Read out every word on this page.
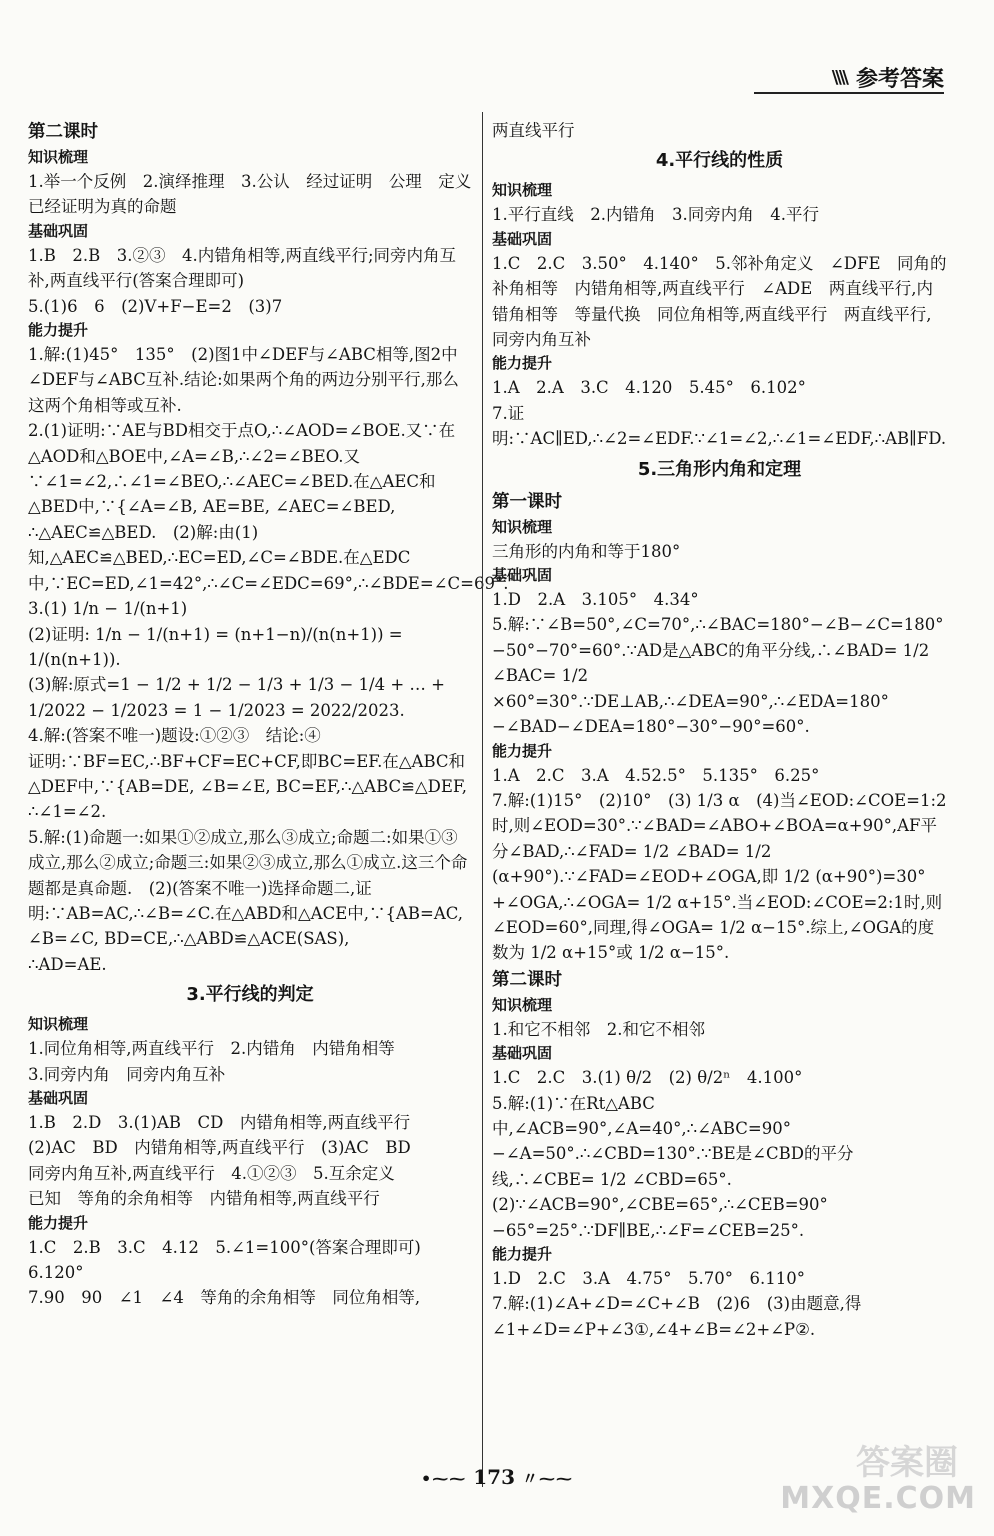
\\\\ 参考答案
第二课时
知识梳理

1.举一个反例　2.演绎推理　3.公认　经过证明　公理　定义　已经证明为真的命题

基础巩固

1.B　2.B　3.②③　4.内错角相等,两直线平行;同旁内角互补,两直线平行(答案合理即可)

5.(1)6　6　(2)V+F−E=2　(3)7

能力提升

1.解:(1)45°　135°　(2)图1中∠DEF与∠ABC相等,图2中∠DEF与∠ABC互补.结论:如果两个角的两边分别平行,那么这两个角相等或互补.

2.(1)证明:∵AE与BD相交于点O,∴∠AOD=∠BOE.又∵在△AOD和△BOE中,∠A=∠B,∴∠2=∠BEO.又∵∠1=∠2,∴∠1=∠BEO,∴∠AEC=∠BED.在△AEC和△BED中,∵{∠A=∠B, AE=BE, ∠AEC=∠BED,

∴△AEC≌△BED.　(2)解:由(1)知,△AEC≌△BED,∴EC=ED,∠C=∠BDE.在△EDC中,∵EC=ED,∠1=42°,∴∠C=∠EDC=69°,∴∠BDE=∠C=69°.

3.(1) 1/n − 1/(n+1)

(2)证明: 1/n − 1/(n+1) = (n+1−n)/(n(n+1)) = 1/(n(n+1)).

(3)解:原式=1 − 1/2 + 1/2 − 1/3 + 1/3 − 1/4 + … + 1/2022 − 1/2023 = 1 − 1/2023 = 2022/2023.

4.解:(答案不唯一)题设:①②③　结论:④

证明:∵BF=EC,∴BF+CF=EC+CF,即BC=EF.在△ABC和△DEF中,∵{AB=DE, ∠B=∠E, BC=EF,∴△ABC≌△DEF,

∴∠1=∠2.

5.解:(1)命题一:如果①②成立,那么③成立;命题二:如果①③成立,那么②成立;命题三:如果②③成立,那么①成立.这三个命题都是真命题.　(2)(答案不唯一)选择命题二,证明:∵AB=AC,∴∠B=∠C.在△ABD和△ACE中,∵{AB=AC, ∠B=∠C, BD=CE,∴△ABD≌△ACE(SAS),

∴AD=AE.

3.平行线的判定
知识梳理

1.同位角相等,两直线平行　2.内错角　内错角相等

3.同旁内角　同旁内角互补

基础巩固

1.B　2.D　3.(1)AB　CD　内错角相等,两直线平行

(2)AC　BD　内错角相等,两直线平行　(3)AC　BD

同旁内角互补,两直线平行　4.①②③　5.互余定义

已知　等角的余角相等　内错角相等,两直线平行

能力提升

1.C　2.B　3.C　4.12　5.∠1=100°(答案合理即可)

6.120°

7.90　90　∠1　∠4　等角的余角相等　同位角相等,

两直线平行

4.平行线的性质
知识梳理

1.平行直线　2.内错角　3.同旁内角　4.平行

基础巩固

1.C　2.C　3.50°　4.140°　5.邻补角定义　∠DFE　同角的补角相等　内错角相等,两直线平行　∠ADE　两直线平行,内错角相等　等量代换　同位角相等,两直线平行　两直线平行,同旁内角互补

能力提升

1.A　2.A　3.C　4.120　5.45°　6.102°

7.证明:∵AC∥ED,∴∠2=∠EDF.∵∠1=∠2,∴∠1=∠EDF,∴AB∥FD.

5.三角形内角和定理
第一课时
知识梳理

三角形的内角和等于180°

基础巩固

1.D　2.A　3.105°　4.34°

5.解:∵∠B=50°,∠C=70°,∴∠BAC=180°−∠B−∠C=180°−50°−70°=60°.∵AD是△ABC的角平分线,∴∠BAD= 1/2 ∠BAC= 1/2 ×60°=30°.∵DE⊥AB,∴∠DEA=90°,∴∠EDA=180°−∠BAD−∠DEA=180°−30°−90°=60°.

能力提升

1.A　2.C　3.A　4.52.5°　5.135°　6.25°

7.解:(1)15°　(2)10°　(3) 1/3 α　(4)当∠EOD:∠COE=1:2时,则∠EOD=30°.∵∠BAD=∠ABO+∠BOA=α+90°,AF平分∠BAD,∴∠FAD= 1/2 ∠BAD= 1/2 (α+90°).∵∠FAD=∠EOD+∠OGA,即 1/2 (α+90°)=30°+∠OGA,∴∠OGA= 1/2 α+15°.当∠EOD:∠COE=2:1时,则∠EOD=60°,同理,得∠OGA= 1/2 α−15°.综上,∠OGA的度数为 1/2 α+15°或 1/2 α−15°.

第二课时
知识梳理

1.和它不相邻　2.和它不相邻

基础巩固

1.C　2.C　3.(1) θ/2　(2) θ/2ⁿ　4.100°

5.解:(1)∵在Rt△ABC中,∠ACB=90°,∠A=40°,∴∠ABC=90°−∠A=50°.∴∠CBD=130°.∵BE是∠CBD的平分线,∴∠CBE= 1/2 ∠CBD=65°.

(2)∵∠ACB=90°,∠CBE=65°,∴∠CEB=90°−65°=25°.∵DF∥BE,∴∠F=∠CEB=25°.

能力提升

1.D　2.C　3.A　4.75°　5.70°　6.110°

7.解:(1)∠A+∠D=∠C+∠B　(2)6　(3)由题意,得∠1+∠D=∠P+∠3①,∠4+∠B=∠2+∠P②.

•⁓⁓ 173 〃⁓⁓	答案圈
MXQE.COM
